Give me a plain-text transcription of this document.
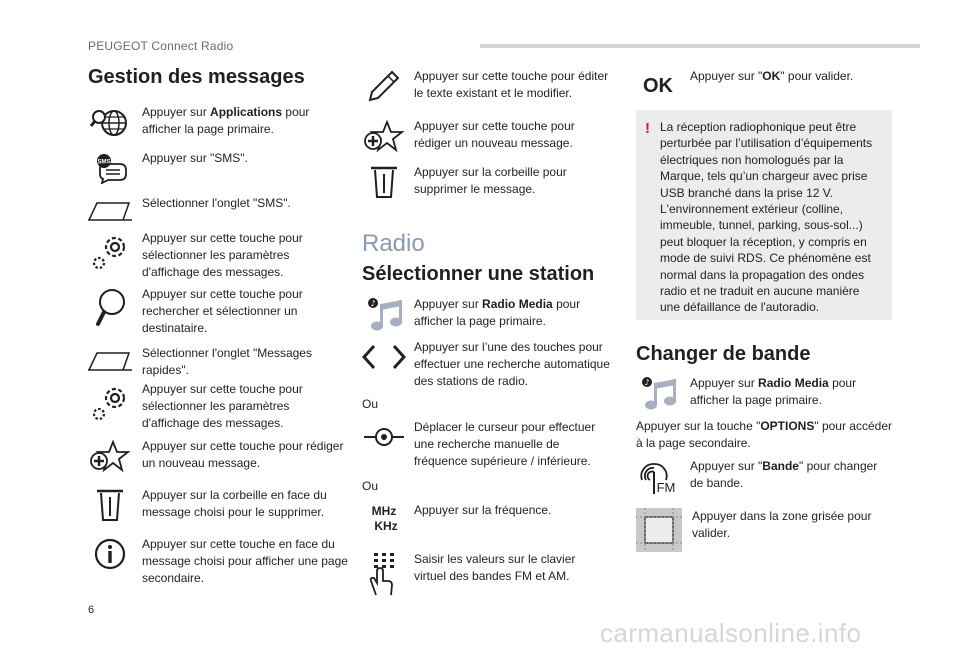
PEUGEOT Connect Radio
Gestion des messages
Appuyer sur Applications pour afficher la page primaire.
SMS	Appuyer sur "SMS".
Sélectionner l'onglet "SMS".
Appuyer sur cette touche pour sélectionner les paramètres d'affichage des messages.
Appuyer sur cette touche pour rechercher et sélectionner un destinataire.
Sélectionner l'onglet "Messages rapides".
Appuyer sur cette touche pour sélectionner les paramètres d'affichage des messages.
Appuyer sur cette touche pour rédiger un nouveau message.
Appuyer sur la corbeille en face du message choisi pour le supprimer.
Appuyer sur cette touche en face du message choisi pour afficher une page secondaire.
Appuyer sur cette touche pour éditer le texte existant et le modifier.
Appuyer sur cette touche pour rédiger un nouveau message.
Appuyer sur la corbeille pour supprimer le message.
Radio
Sélectionner une station
♪	Appuyer sur Radio Media pour afficher la page primaire.
Appuyer sur l’une des touches pour effectuer une recherche automatique des stations de radio.
Ou
Déplacer le curseur pour effectuer une recherche manuelle de fréquence supérieure / inférieure.
Ou
MHz
KHz
Appuyer sur la fréquence.
Saisir les valeurs sur le clavier virtuel des bandes FM et AM.
OK Appuyer sur "OK" pour valider.
! La réception radiophonique peut être perturbée par l’utilisation d’équipements électriques non homologués par la Marque, tels qu’un chargeur avec prise USB branché dans la prise 12 V. L'environnement extérieur (colline, immeuble, tunnel, parking, sous-sol...) peut bloquer la réception, y compris en mode de suivi RDS. Ce phénomène est normal dans la propagation des ondes radio et ne traduit en aucune manière une défaillance de l'autoradio.
Changer de bande
♪	Appuyer sur Radio Media pour afficher la page primaire.
Appuyer sur la touche "OPTIONS" pour accéder à la page secondaire.
FM
Appuyer sur "Bande" pour changer de bande.
Appuyer dans la zone grisée pour valider.
6
carmanualsonline.info
